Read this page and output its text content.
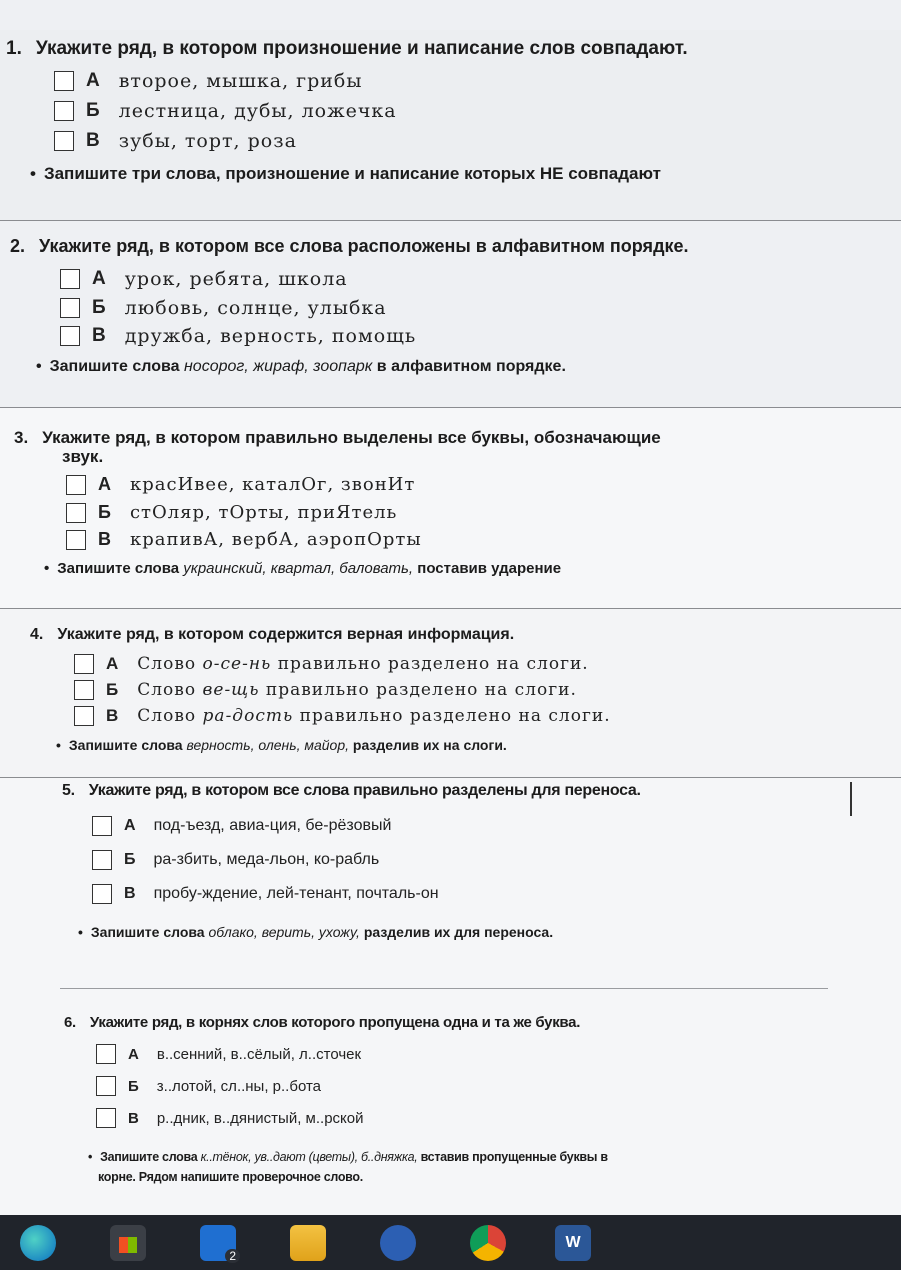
1. Укажите ряд, в котором произношение и написание слов совпадают.
А второе, мышка, грибы
Б лестница, дубы, ложечка
В зубы, торт, роза
• Запишите три слова, произношение и написание которых НЕ совпадают
2. Укажите ряд, в котором все слова расположены в алфавитном порядке.
А урок, ребята, школа
Б любовь, солнце, улыбка
В дружба, верность, помощь
• Запишите слова носорог, жираф, зоопарк в алфавитном порядке.
3. Укажите ряд, в котором правильно выделены все буквы, обозначающие
звук.
А красИвее, каталОг, звонИт
Б стОляр, тОрты, приЯтель
В крапивА, вербА, аэропОрты
• Запишите слова украинский, квартал, баловать, поставив ударение
4. Укажите ряд, в котором содержится верная информация.
А Слово
о-се-нь
правильно разделено на слоги.
Б Слово
ве-щь
правильно разделено на слоги.
В Слово
ра-дость
правильно разделено на слоги.
• Запишите слова верность, олень, майор, разделив их на слоги.
5. Укажите ряд, в котором все слова правильно разделены для переноса.
А под-ъезд, авиа-ция, бе-рёзовый
Б ра-збить, меда-льон, ко-рабль
В пробу-ждение, лей-тенант, почталь-он
• Запишите слова облако, верить, ухожу, разделив их для переноса.
6. Укажите ряд, в корнях слов которого пропущена одна и та же буква.
А в..сенний, в..сёлый, л..сточек
Б з..лотой, сл..ны, р..бота
В р..дник, в..дянистый, м..рской
• Запишите слова к..тёнок, ув..дают (цветы), б..дняжка, вставив пропущенные буквы в
корне. Рядом напишите проверочное слово.
2
W
